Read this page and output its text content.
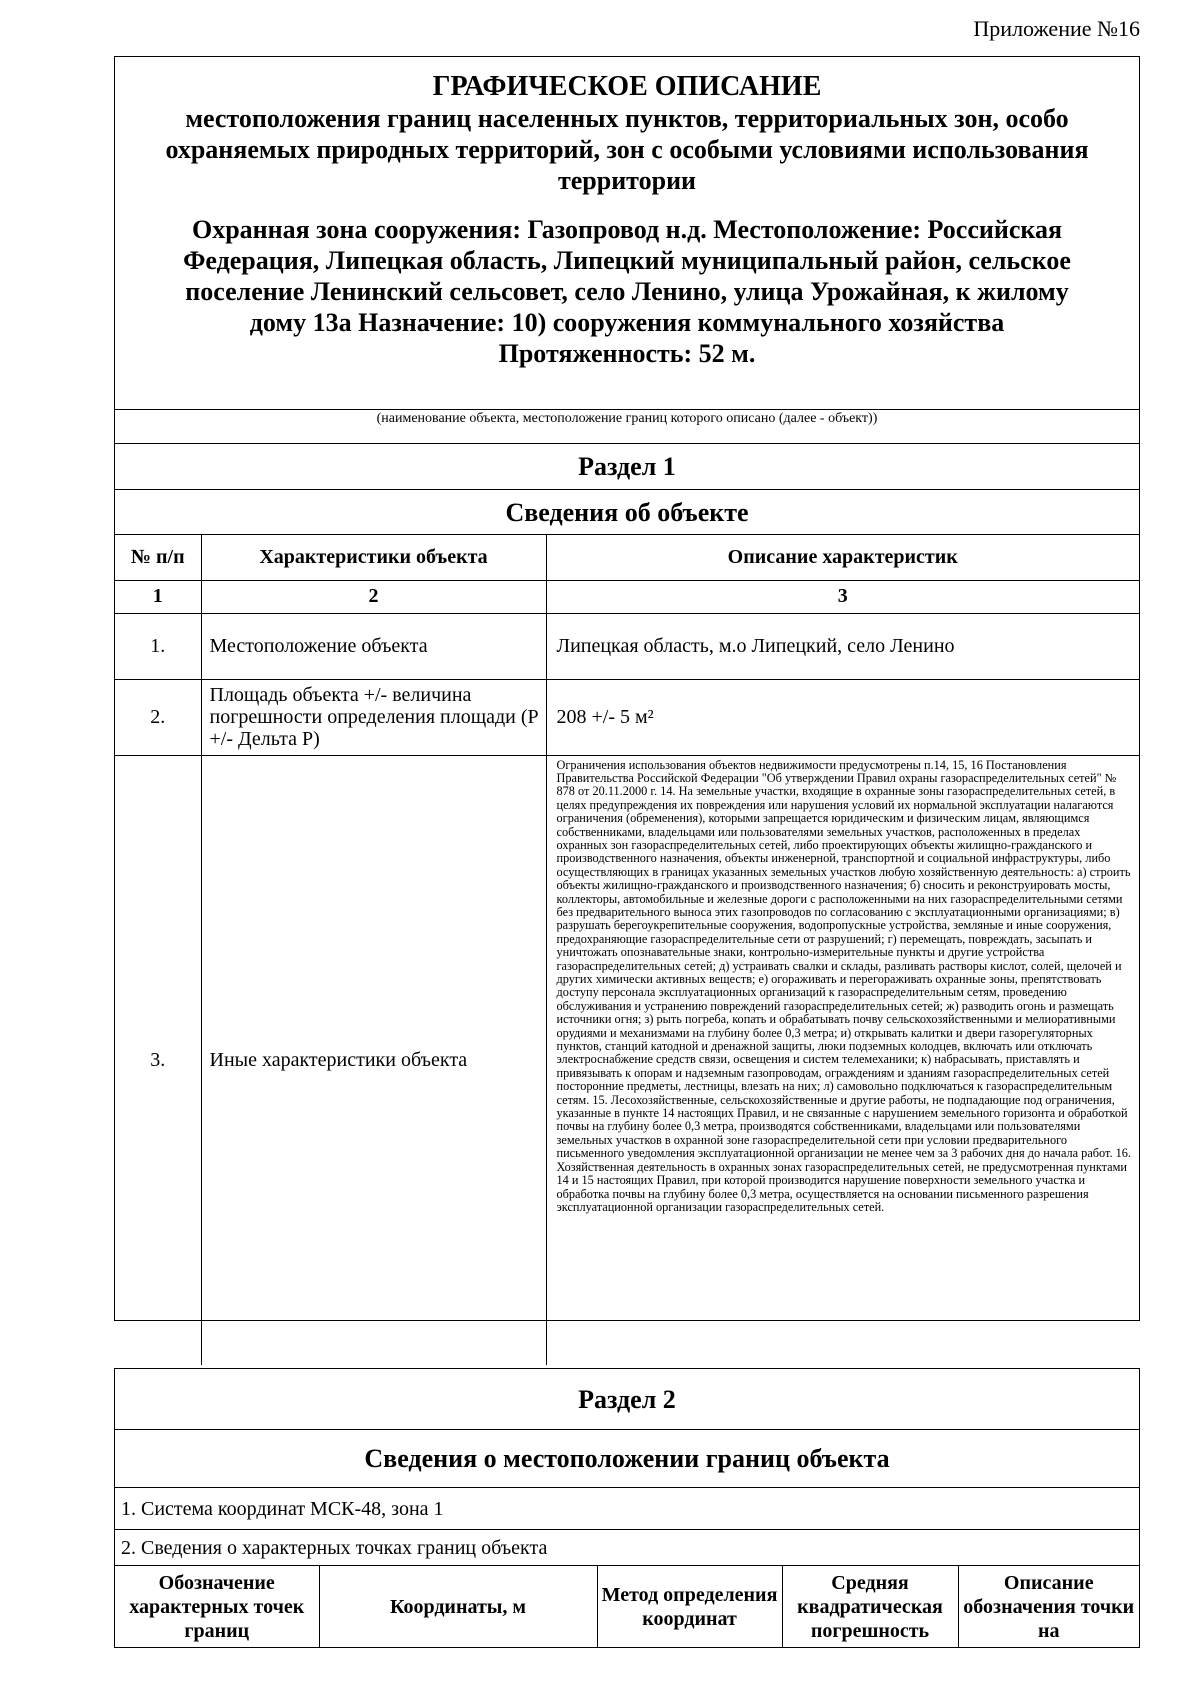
Приложение №16
ГРАФИЧЕСКОЕ ОПИСАНИЕ
местоположения границ населенных пунктов, территориальных зон, особо
охраняемых природных территорий, зон с особыми условиями использования
территории
Охранная зона сооружения: Газопровод н.д. Местоположение: Российская
Федерация, Липецкая область, Липецкий муниципальный район, сельское
поселение Ленинский сельсовет, село Ленино, улица Урожайная, к жилому
дому 13а Назначение: 10) сооружения коммунального хозяйства
Протяженность: 52 м.
(наименование объекта, местоположение границ которого описано (далее - объект))
Раздел 1
Сведения об объекте
№ п/п	Характеристики объекта	Описание характеристик
1	2	3
1.	Местоположение объекта	Липецкая область, м.о Липецкий, село Ленино
2.	Площадь объекта +/- величина погрешности определения площади (Р +/- Дельта Р)	208 +/- 5 м²
3.	Иные характеристики объекта	Ограничения использования объектов недвижимости предусмотрены п.14, 15, 16 Постановления Правительства Российской Федерации "Об утверждении Правил охраны газораспределительных сетей" № 878 от 20.11.2000 г. 14. На земельные участки, входящие в охранные зоны газораспределительных сетей, в целях предупреждения их повреждения или нарушения условий их нормальной эксплуатации налагаются ограничения (обременения), которыми запрещается юридическим и физическим лицам, являющимся собственниками, владельцами или пользователями земельных участков, расположенных в пределах охранных зон газораспределительных сетей, либо проектирующих объекты жилищно-гражданского и производственного назначения, объекты инженерной, транспортной и социальной инфраструктуры, либо осуществляющих в границах указанных земельных участков любую хозяйственную деятельность: а) строить объекты жилищно-гражданского и производственного назначения; б) сносить и реконструировать мосты, коллекторы, автомобильные и железные дороги с расположенными на них газораспределительными сетями без предварительного выноса этих газопроводов по согласованию с эксплуатационными организациями; в) разрушать берегоукрепительные сооружения, водопропускные устройства, земляные и иные сооружения, предохраняющие газораспределительные сети от разрушений; г) перемещать, повреждать, засыпать и уничтожать опознавательные знаки, контрольно-измерительные пункты и другие устройства газораспределительных сетей; д) устраивать свалки и склады, разливать растворы кислот, солей, щелочей и других химически активных веществ; е) огораживать и перегораживать охранные зоны, препятствовать доступу персонала эксплуатационных организаций к газораспределительным сетям, проведению обслуживания и устранению повреждений газораспределительных сетей; ж) разводить огонь и размещать источники огня; з) рыть погреба, копать и обрабатывать почву сельскохозяйственными и мелиоративными орудиями и механизмами на глубину более 0,3 метра; и) открывать калитки и двери газорегуляторных пунктов, станций катодной и дренажной защиты, люки подземных колодцев, включать или отключать электроснабжение средств связи, освещения и систем телемеханики; к) набрасывать, приставлять и привязывать к опорам и надземным газопроводам, ограждениям и зданиям газораспределительных сетей посторонние предметы, лестницы, влезать на них; л) самовольно подключаться к газораспределительным сетям. 15. Лесохозяйственные, сельскохозяйственные и другие работы, не подпадающие под ограничения, указанные в пункте 14 настоящих Правил, и не связанные с нарушением земельного горизонта и обработкой почвы на глубину более 0,3 метра, производятся собственниками, владельцами или пользователями земельных участков в охранной зоне газораспределительной сети при условии предварительного письменного уведомления эксплуатационной организации не менее чем за 3 рабочих дня до начала работ. 16. Хозяйственная деятельность в охранных зонах газораспределительных сетей, не предусмотренная пунктами 14 и 15 настоящих Правил, при которой производится нарушение поверхности земельного участка и обработка почвы на глубину более 0,3 метра, осуществляется на основании письменного разрешения эксплуатационной организации газораспределительных сетей.
Раздел 2
Сведения о местоположении границ объекта
1. Система координат МСК-48, зона 1
2. Сведения о характерных точках границ объекта
Обозначение характерных точек границ	Координаты, м	Метод определения координат	Средняя квадратическая погрешность	Описание обозначения точки на
